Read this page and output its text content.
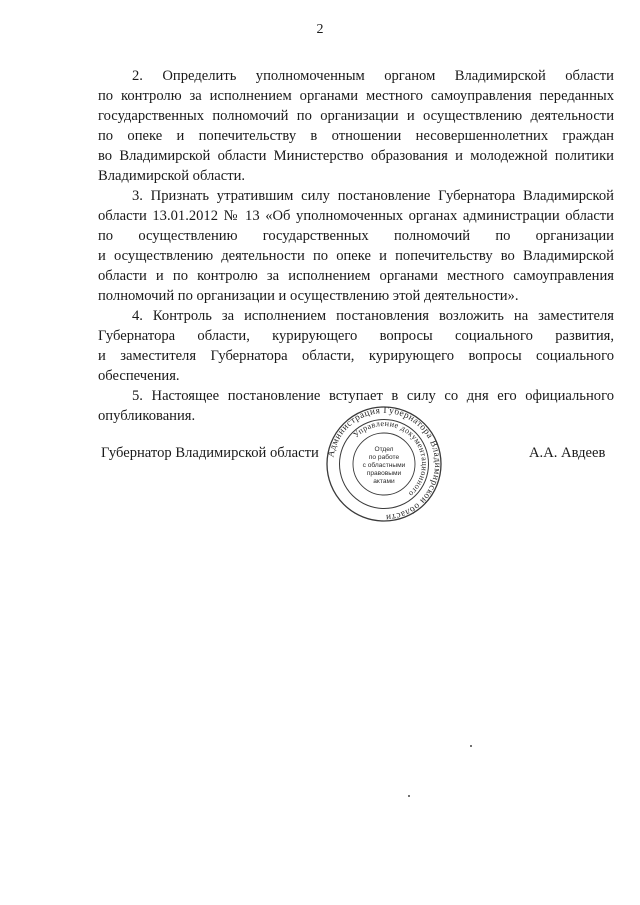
2

2. Определить уполномоченным органом Владимирской области
по контролю за исполнением органами местного самоуправления переданных
государственных полномочий по организации и осуществлению деятельности
по опеке и попечительству в отношении несовершеннолетних граждан
во Владимирской области Министерство образования и молодежной политики
Владимирской области.

3. Признать утратившим силу постановление Губернатора Владимирской
области 13.01.2012 № 13 «Об уполномоченных органах администрации области
по осуществлению государственных полномочий по организации
и осуществлению деятельности по опеке и попечительству во Владимирской
области и по контролю за исполнением органами местного самоуправления
полномочий по организации и осуществлению этой деятельности».

4. Контроль за исполнением постановления возложить на заместителя
Губернатора области, курирующего вопросы социального развития,
и заместителя Губернатора области, курирующего вопросы социального
обеспечения.

5. Настоящее постановление вступает в силу со дня его официального
опубликования.

Губернатор Владимирской области Администрация Губернатора Владимирской области
Управление документационного
Отдел
по работе
с областными
правовыми
актами
А.А. Авдеев
